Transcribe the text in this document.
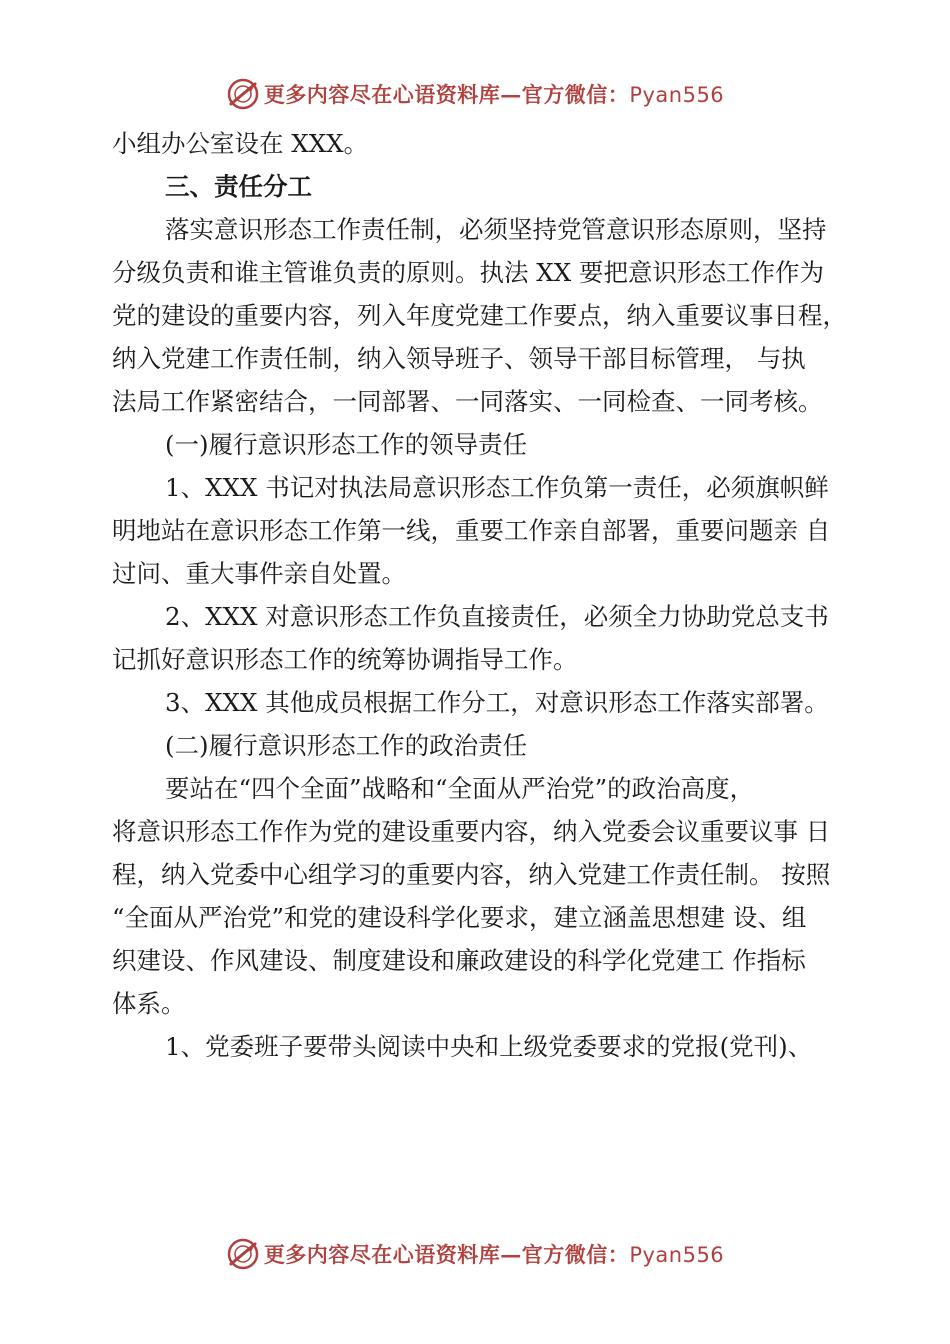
更多内容尽在心语资料库—官方微信：Pyan556
小组办公室设在 XXX。
三、责任分工
落实意识形态工作责任制，必须坚持党管意识形态原则，坚持
分级负责和谁主管谁负责的原则。执法 XX 要把意识形态工作作为
党的建设的重要内容，列入年度党建工作要点，纳入重要议事日程，
纳入党建工作责任制，纳入领导班子、领导干部目标管理， 与执
法局工作紧密结合，一同部署、一同落实、一同检查、一同考核。
(一)履行意识形态工作的领导责任
1、XXX 书记对执法局意识形态工作负第一责任，必须旗帜鲜
明地站在意识形态工作第一线，重要工作亲自部署，重要问题亲 自
过问、重大事件亲自处置。
2、XXX 对意识形态工作负直接责任，必须全力协助党总支书
记抓好意识形态工作的统筹协调指导工作。
3、XXX 其他成员根据工作分工，对意识形态工作落实部署。
(二)履行意识形态工作的政治责任
要站在“四个全面”战略和“全面从严治党”的政治高度，
将意识形态工作作为党的建设重要内容，纳入党委会议重要议事 日
程，纳入党委中心组学习的重要内容，纳入党建工作责任制。 按照
“全面从严治党”和党的建设科学化要求，建立涵盖思想建 设、组
织建设、作风建设、制度建设和廉政建设的科学化党建工 作指标
体系。
1、党委班子要带头阅读中央和上级党委要求的党报(党刊)、
更多内容尽在心语资料库—官方微信：Pyan556
